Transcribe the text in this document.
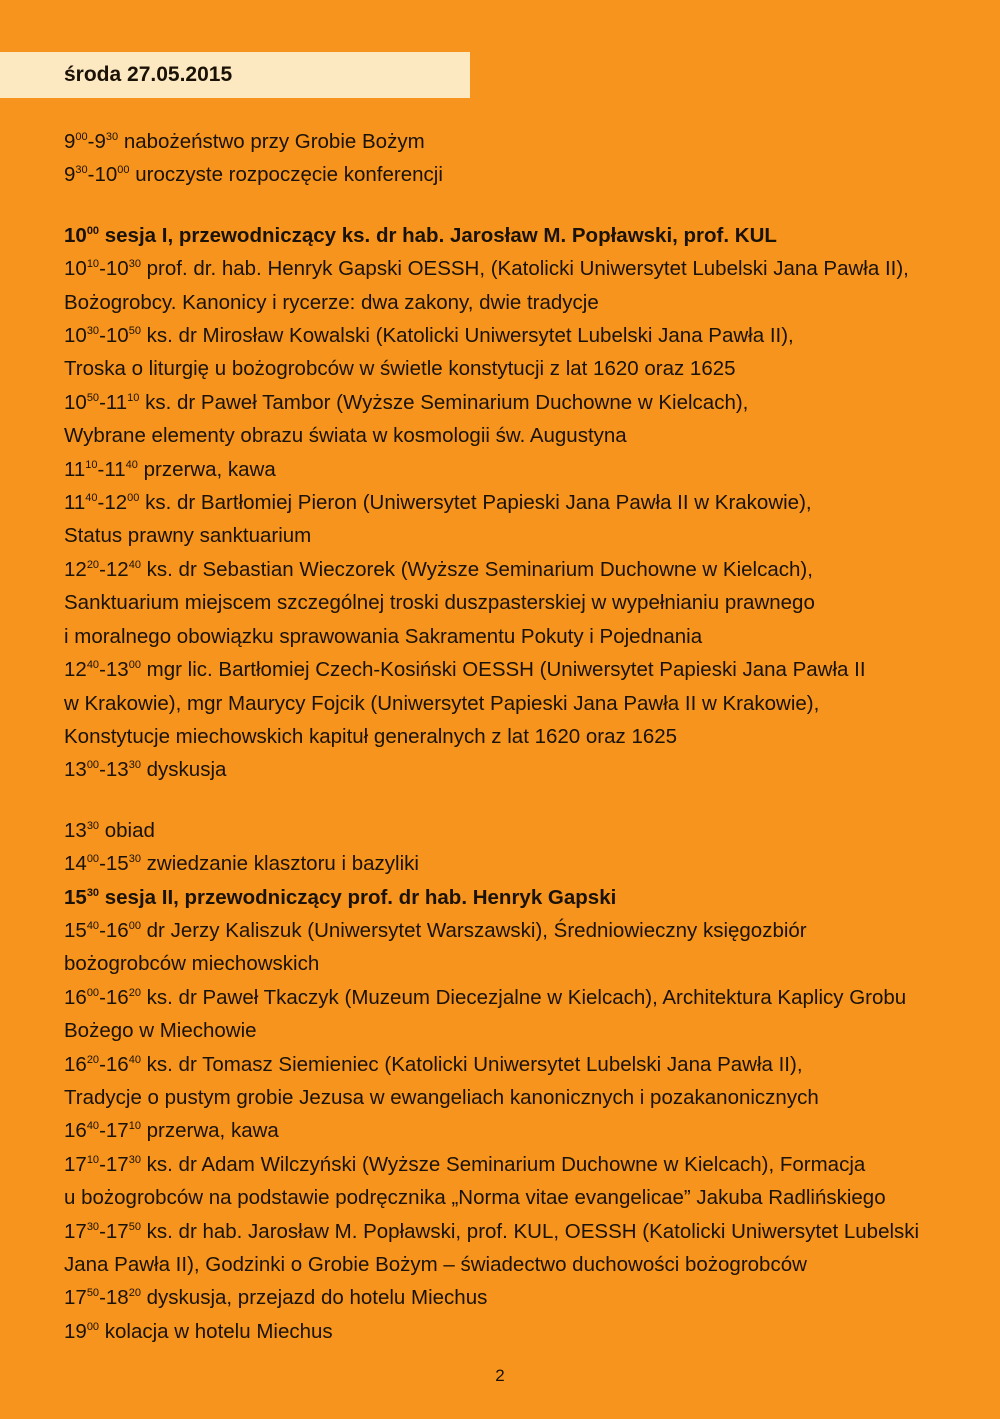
środa 27.05.2015
$9^{00}-9^{30}$ nabożeństwo przy Grobie Bożym
$9^{30}-10^{00}$ uroczyste rozpoczęcie konferencji
$10^{00}$ sesja I, przewodniczący ks. dr hab. Jarosław M. Popławski, prof. KUL
$10^{10}-10^{30}$ prof. dr. hab. Henryk Gapski OESSH, (Katolicki Uniwersytet Lubelski Jana Pawła II),
Bożogrobcy. Kanonicy i rycerze: dwa zakony, dwie tradycje
$10^{30}-10^{50}$ ks. dr Mirosław Kowalski (Katolicki Uniwersytet Lubelski Jana Pawła II),
Troska o liturgię u bożogrobców w świetle konstytucji z lat 1620 oraz 1625
$10^{50}-11^{10}$ ks. dr Paweł Tambor (Wyższe Seminarium Duchowne w Kielcach),
Wybrane elementy obrazu świata w kosmologii św. Augustyna
$11^{10}-11^{40}$ przerwa, kawa
$11^{40}-12^{00}$ ks. dr Bartłomiej Pieron (Uniwersytet Papieski Jana Pawła II w Krakowie),
Status prawny sanktuarium
$12^{20}-12^{40}$ ks. dr Sebastian Wieczorek (Wyższe Seminarium Duchowne w Kielcach),
Sanktuarium miejscem szczególnej troski duszpasterskiej w wypełnianiu prawnego
i moralnego obowiązku sprawowania Sakramentu Pokuty i Pojednania
$12^{40}-13^{00}$ mgr lic. Bartłomiej Czech-Kosiński OESSH (Uniwersytet Papieski Jana Pawła II
w Krakowie), mgr Maurycy Fojcik (Uniwersytet Papieski Jana Pawła II w Krakowie),
Konstytucje miechowskich kapituł generalnych z lat 1620 oraz 1625
$13^{00}-13^{30}$ dyskusja
$13^{30}$ obiad
$14^{00}-15^{30}$ zwiedzanie klasztoru i bazyliki
$15^{30}$ sesja II, przewodniczący prof. dr hab. Henryk Gapski
$15^{40}-16^{00}$ dr Jerzy Kaliszuk (Uniwersytet Warszawski), Średniowieczny księgozbiór
bożogrobców miechowskich
$16^{00}-16^{20}$ ks. dr Paweł Tkaczyk (Muzeum Diecezjalne w Kielcach), Architektura Kaplicy Grobu
Bożego w Miechowie
$16^{20}-16^{40}$ ks. dr Tomasz Siemieniec (Katolicki Uniwersytet Lubelski Jana Pawła II),
Tradycje o pustym grobie Jezusa w ewangeliach kanonicznych i pozakanonicznych
$16^{40}-17^{10}$ przerwa, kawa
$17^{10}-17^{30}$ ks. dr Adam Wilczyński (Wyższe Seminarium Duchowne w Kielcach), Formacja
u bożogrobców na podstawie podręcznika „Norma vitae evangelicae” Jakuba Radlińskiego
$17^{30}-17^{50}$ ks. dr hab. Jarosław M. Popławski, prof. KUL, OESSH (Katolicki Uniwersytet Lubelski
Jana Pawła II), Godzinki o Grobie Bożym – świadectwo duchowości bożogrobców
$17^{50}-18^{20}$ dyskusja, przejazd do hotelu Miechus
$19^{00}$ kolacja w hotelu Miechus
2
